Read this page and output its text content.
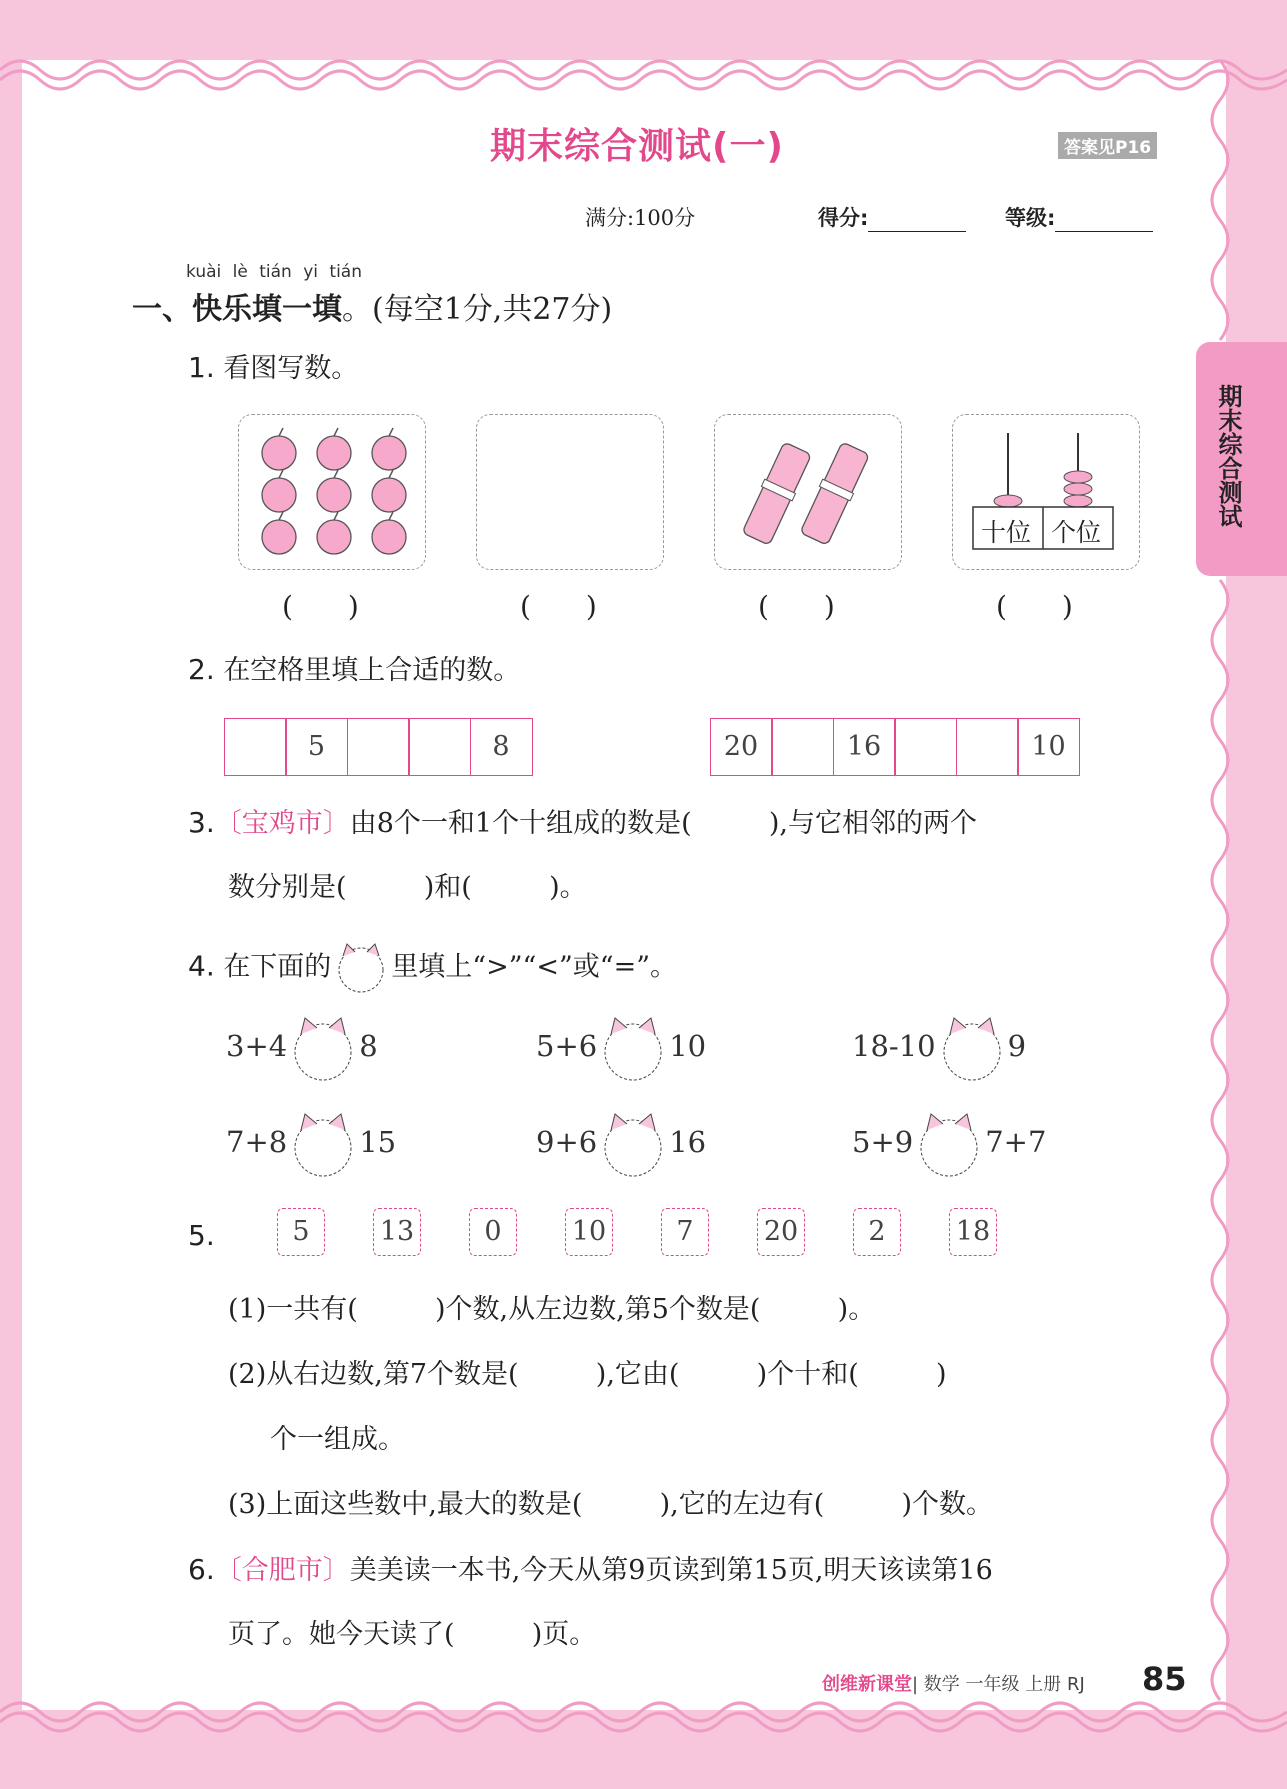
期末综合测试(一)	答案见P16
满分:100分	得分:	等级:
期末综合测试
kuài lè tián yi tián
一、快乐填一填。(每空1分,共27分)
1. 看图写数。
十位 个位
( )	( )	( )	( )
2. 在空格里填上合适的数。
5	8	20	16	10
3.〔宝鸡市〕由8个一和1个十组成的数是(         ),与它相邻的两个
数分别是(         )和(         )。
4. 在下面的 里填上“>”“<”或“=”。
3+4 8	5+6 10	18-10 9
7+8 15	9+6 16	5+9 7+7
5.	5	13	0	10	7	20	2	18
(1)一共有(         )个数,从左边数,第5个数是(         )。
(2)从右边数,第7个数是(         ),它由(         )个十和(         )
个一组成。
(3)上面这些数中,最大的数是(         ),它的左边有(         )个数。
6.〔合肥市〕美美读一本书,今天从第9页读到第15页,明天该读第16
页了。她今天读了(         )页。
创维新课堂| 数学 一年级 上册 RJ 85
